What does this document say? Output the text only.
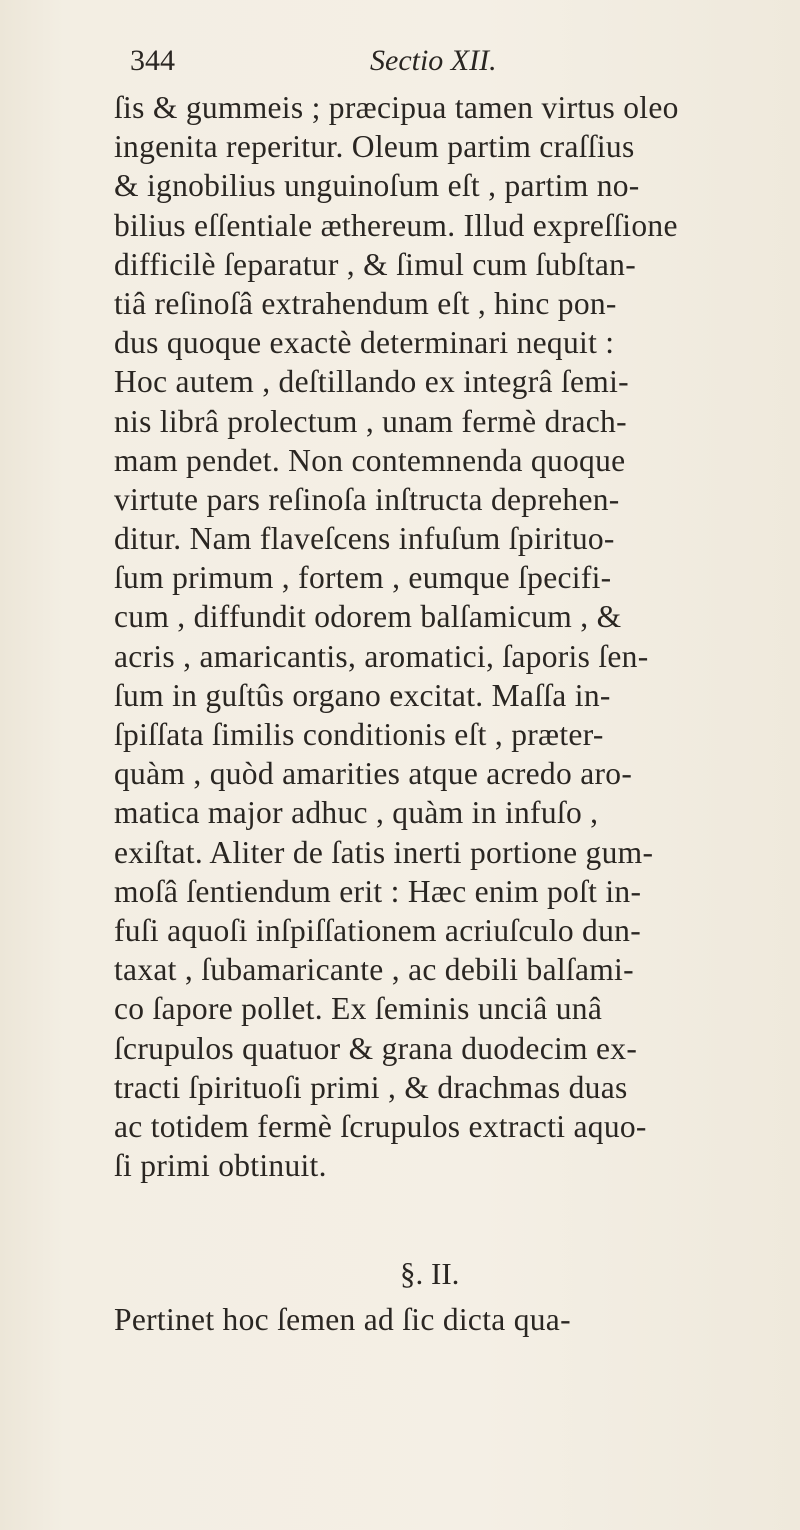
344	Sectio XII.
ſis & gummeis ; præcipua tamen virtus oleo
ingenita reperitur. Oleum partim craſſius
& ignobilius unguinoſum eſt , partim no-
bilius eſſentiale æthereum. Illud expreſſione
difficilè ſeparatur , & ſimul cum ſubſtan-
tiâ reſinoſâ extrahendum eſt , hinc pon-
dus quoque exactè determinari nequit :
Hoc autem , deſtillando ex integrâ ſemi-
nis librâ prolectum , unam fermè drach-
mam pendet. Non contemnenda quoque
virtute pars reſinoſa inſtructa deprehen-
ditur. Nam flaveſcens infuſum ſpirituo-
ſum primum , fortem , eumque ſpecifi-
cum , diffundit odorem balſamicum , &
acris , amaricantis, aromatici, ſaporis ſen-
ſum in guſtûs organo excitat. Maſſa in-
ſpiſſata ſimilis conditionis eſt , præter-
quàm , quòd amarities atque acredo aro-
matica major adhuc , quàm in infuſo ,
exiſtat. Aliter de ſatis inerti portione gum-
moſâ ſentiendum erit : Hæc enim poſt in-
fuſi aquoſi inſpiſſationem acriuſculo dun-
taxat , ſubamaricante , ac debili balſami-
co ſapore pollet. Ex ſeminis unciâ unâ
ſcrupulos quatuor & grana duodecim ex-
tracti ſpirituoſi primi , & drachmas duas
ac totidem fermè ſcrupulos extracti aquo-
ſi primi obtinuit.
§. II.
Pertinet hoc ſemen ad ſic dicta qua-
